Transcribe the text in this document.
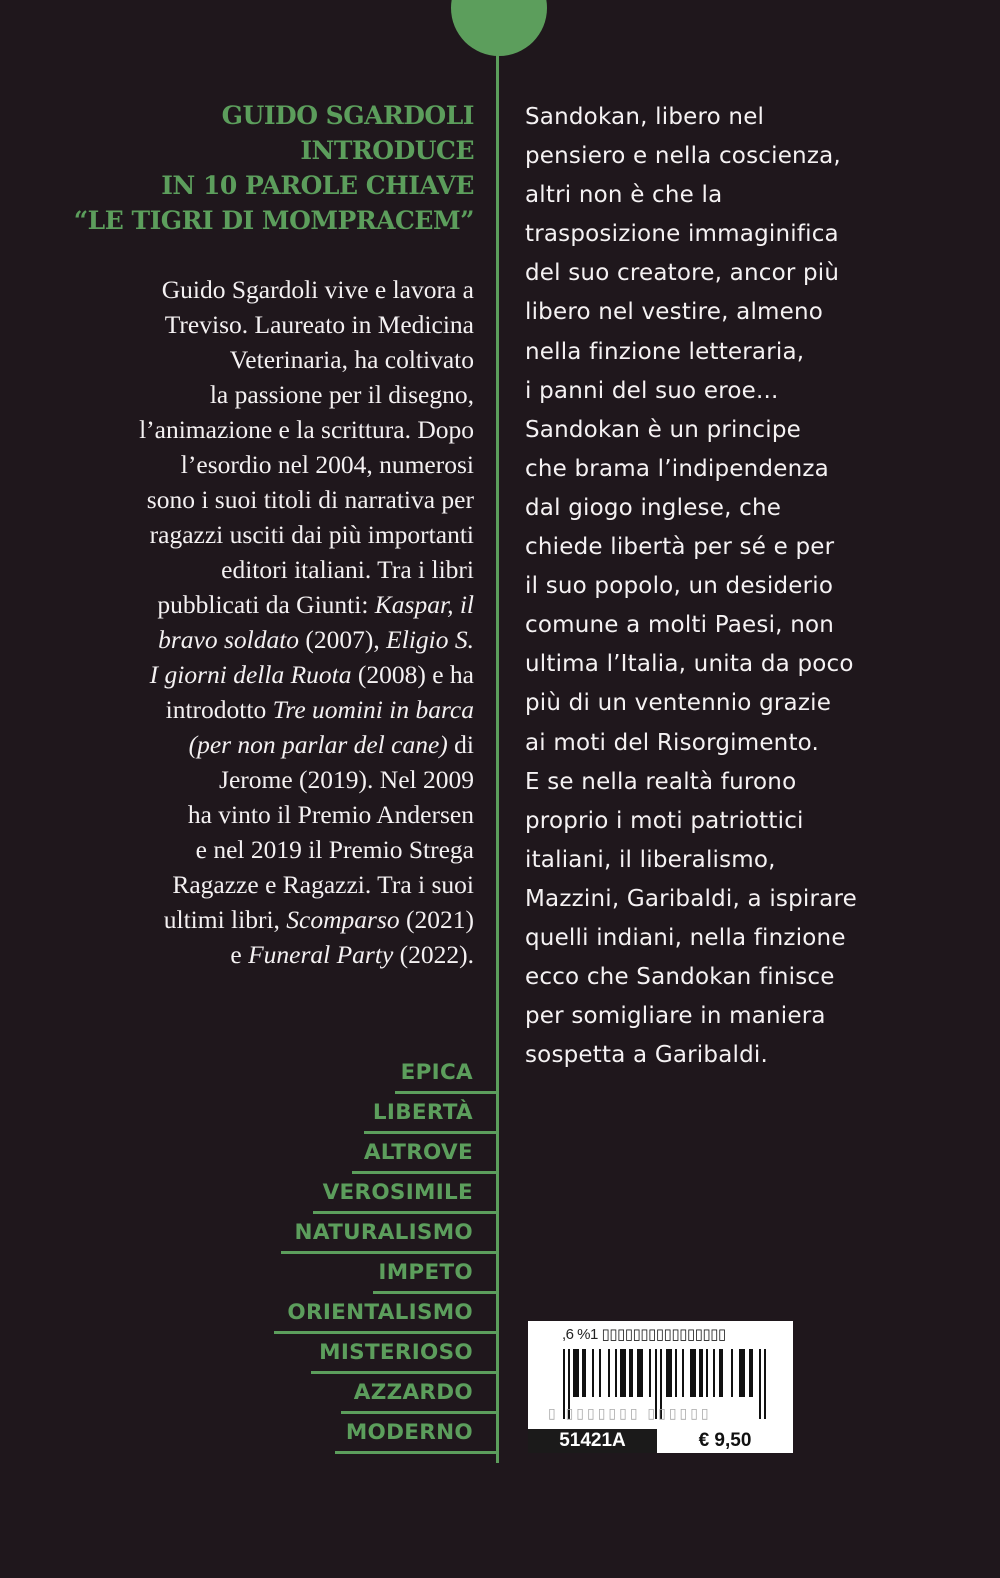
GUIDO SGARDOLI
INTRODUCE
IN 10 PAROLE CHIAVE
“LE TIGRI DI MOMPRACEM”
Guido Sgardoli vive e lavora a
Treviso. Laureato in Medicina
Veterinaria, ha coltivato
la passione per il disegno,
l’animazione e la scrittura. Dopo
l’esordio nel 2004, numerosi
sono i suoi titoli di narrativa per
ragazzi usciti dai più importanti
editori italiani. Tra i libri
pubblicati da Giunti: Kaspar, il
bravo soldato (2007), Eligio S.
I giorni della Ruota (2008) e ha
introdotto Tre uomini in barca
(per non parlar del cane) di
Jerome (2019). Nel 2009
ha vinto il Premio Andersen
e nel 2019 il Premio Strega
Ragazze e Ragazzi. Tra i suoi
ultimi libri, Scomparso (2021)
e Funeral Party (2022).
Sandokan, libero nel
pensiero e nella coscienza,
altri non è che la
trasposizione immaginifica
del suo creatore, ancor più
libero nel vestire, almeno
nella finzione letteraria,
i panni del suo eroe...
Sandokan è un principe
che brama l’indipendenza
dal giogo inglese, che
chiede libertà per sé e per
il suo popolo, un desiderio
comune a molti Paesi, non
ultima l’Italia, unita da poco
più di un ventennio grazie
ai moti del Risorgimento.
E se nella realtà furono
proprio i moti patriottici
italiani, il liberalismo,
Mazzini, Garibaldi, a ispirare
quelli indiani, nella finzione
ecco che Sandokan finisce
per somigliare in maniera
sospetta a Garibaldi.
EPICA
LIBERTÀ
ALTROVE
VEROSIMILE
NATURALISMO
IMPETO
ORIENTALISMO
MISTERIOSO
AZZARDO
MODERNO
,6 %1 ▯▯▯▯▯▯▯▯▯▯▯▯▯▯▯▯
▯ ▯▯▯▯▯▯▯ ▯▯▯▯▯▯
51421A	€ 9,50
